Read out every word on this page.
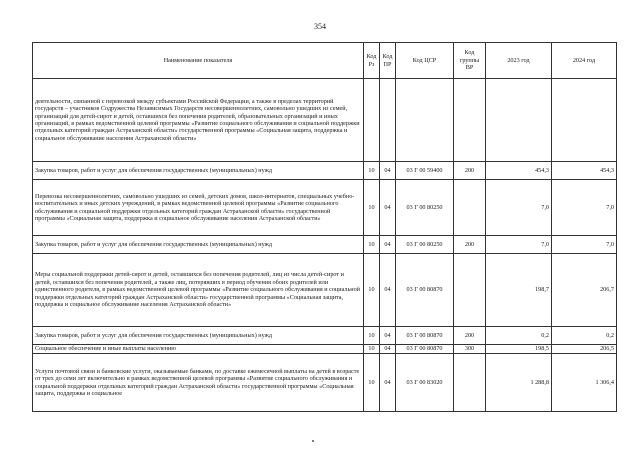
354
Наименование показателя	Код Рз	Код ПР	Код ЦСР	Код группы ВР	2023 год	2024 год
деятельности, связанной с перевозкой между субъектами Российской Федерации, а также в пределах территорий государств – участников Содружества Независимых Государств несовершеннолетних, самовольно ушедших из семей, организаций для детей-сирот и детей, оставшихся без попечения родителей, образовательных организаций и иных организаций, в рамках ведомственной целевой программы «Развитие социального обслуживания и социальной поддержки отдельных категорий граждан Астраханской области» государственной программы «Социальная защита, поддержка и социальное обслуживание населения Астраханской области»						
Закупка товаров, работ и услуг для обеспечения государственных (муниципальных) нужд	10	04	03 Г 00 59400	200	454,3	454,3
Перевозка несовершеннолетних, самовольно ушедших из семей, детских домов, школ-интернатов, специальных учебно-воспитательных и иных детских учреждений, в рамках ведомственной целевой программы «Развитие социального обслуживания и социальной поддержки отдельных категорий граждан Астраханской области» государственной программы «Социальная защита, поддержка и социальное обслуживание населения Астраханской области»	10	04	03 Г 00 80250		7,0	7,0
Закупка товаров, работ и услуг для обеспечения государственных (муниципальных) нужд	10	04	03 Г 00 80250	200	7,0	7,0
Меры социальной поддержки детей-сирот и детей, оставшихся без попечения родителей, лиц из числа детей-сирот и детей, оставшихся без попечения родителей, а также лиц, потерявших в период обучения обоих родителей или единственного родителя, в рамках ведомственной целевой программы «Развитие социального обслуживания и социальной поддержки отдельных категорий граждан Астраханской области» государственной программы «Социальная защита, поддержка и социальное обслуживание населения Астраханской области»	10	04	03 Г 00 80870		198,7	206,7
Закупка товаров, работ и услуг для обеспечения государственных (муниципальных) нужд	10	04	03 Г 00 80870	200	0,2	0,2
Социальное обеспечение и иные выплаты населению	10	04	03 Г 00 80870	300	198,5	206,5
Услуги почтовой связи и банковские услуги, оказываемые банками, по доставке ежемесячной выплаты на детей в возрасте от трех до семи лет включительно в рамках ведомственной целевой программы «Развитие социального обслуживания и социальной поддержки отдельных категорий граждан Астраханской области» государственной программы «Социальная защита, поддержка и социальное	10	04	03 Г 00 83020		1 288,8	1 306,4
